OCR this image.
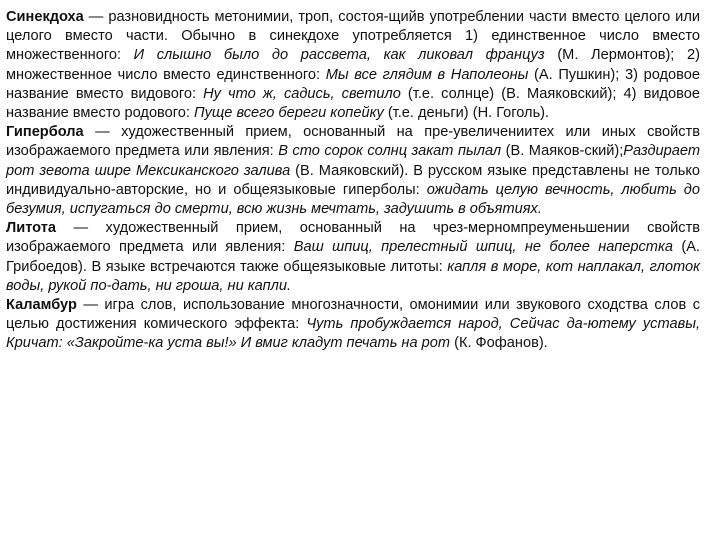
Синекдоха — разновидность метонимии, троп, состоя-щийв употреблении части вместо целого или целого вместо части. Обычно в синекдохе употребляется 1) единственное число вместо множественного: И слышно было до рассвета, как ликовал француз (М. Лермонтов); 2) множественное число вместо единственного: Мы все глядим в Наполеоны (А. Пушкин); 3) родовое название вместо видового: Ну что ж, садись, светило (т.е. солнце) (В. Маяковский); 4) видовое название вместо родового: Пуще всего береги копейку (т.е. деньги) (Н. Гоголь).

Гипербола — художественный прием, основанный на пре-увеличениитех или иных свойств изображаемого предмета или явления: В сто сорок солнц закат пылал (В. Маяков-ский);Раздирает рот зевота шире Мексиканского залива (В. Маяковский). В русском языке представлены не только индивидуально-авторские, но и общеязыковые гиперболы: ожидать целую вечность, любить до безумия, испугаться до смерти, всю жизнь мечтать, задушить в объятиях.

Литота — художественный прием, основанный на чрез-мерномпреуменьшении свойств изображаемого предмета или явления: Ваш шпиц, прелестный шпиц, не более наперстка (А. Грибоедов). В языке встречаются также общеязыковые литоты: капля в море, кот наплакал, глоток воды, рукой по-дать, ни гроша, ни капли.

Каламбур — игра слов, использование многозначности, омонимии или звукового сходства слов с целью достижения комического эффекта: Чуть пробуждается народ, Сейчас да-ютему уставы, Кричат: «Закройте-ка уста вы!» И вмиг кладут печать на рот (К. Фофанов).
